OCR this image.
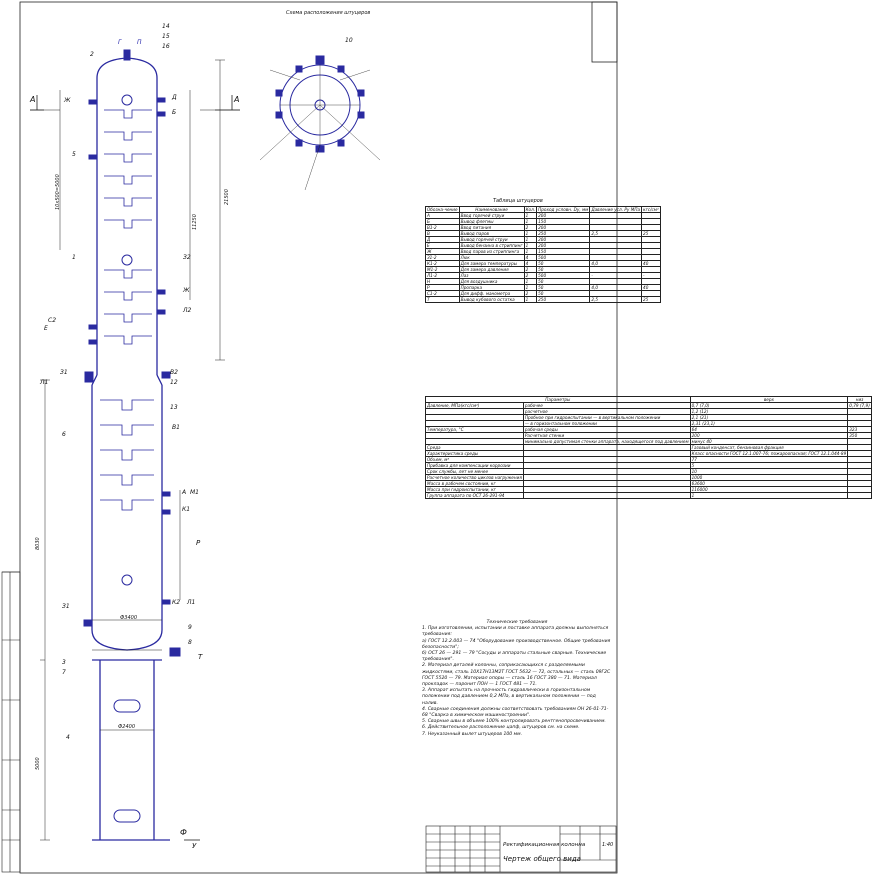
Схема расположения штуцеров
Г	П
А	А
Ж	Д
Б
З2
Ж
Л2
С2
Е
Л1
З1	В2
В1
А М1
К1
Р
З1
К2 Л1
Т
Ф
У
2
14
15
16
5
1
12
13
6
9
8
3
7
4
10
21500
11250
10x500=5000
8030
5000
Ф3400
Ф2400
Таблица штуцеров
Обозна-чение	Наименование	Кол.	Проход условн. Dу, мм	Давление усл. Ру МПа	кгс/см²
А	Ввод горячей струи	1	200		
Б	Вывод флегмы	1	150		
В1-2	Ввод питания	2	200		
В	Вывод паров	1	250	2,5	25
Д	Вывод горячей струи	1	200		
Е	Вывод бензина в стриппинг	1	200		
Ж	Ввод паров из стриппинга	1	150		
З1-2	Люк	4	500		
К1-2	Для замера температуры	4	50	4,0	40
М1-2	Для замера давления	2	50		
Л1-2	Лаз	2	500	-	-
Н	Для воздушника	1	50		
Р	Пропарка	1	50	4,0	40
С1-2	Для дифф. манометра	2	50		
Т	Вывод кубового остатка	1	250	2,5	25
Параметры		верх	низ
Давление, МПа(кгс/см²)	рабочее	0,7 (7,0)	0,79 (7,9)
	расчетное	1,2 (12)	
	Пробное при гидроиспытании — в вертикальном положении	2,1 (21)	
	— в горизонтальном положении	2,31 (23,1)	
Температура, °С	рабочая среды	64	323
	Расчетная стенки	200	350
	минимально допустимая стенки аппарата, находящегося под давлением	минус 40	
Среда		Газовый конденсат, бензиновая фракция	
Характеристика среды		Класс опасности ГОСТ 12.1.007-76; пожароопасная; ГОСТ 12.1.044-89	
Объем, м³		77	
Прибавка для компенсации коррозии		5	
Срок службы, лет не менее		10	
Расчетное количество циклов нагружения		1000	
Масса в рабочем состоянии, кг		63600	
Масса при гидроиспытании, кг		116000	
Группа аппарата по ОСТ 26-291-94		1	
Технические требования
1. При изготовлении, испытании и поставке аппарата должны выполняться требования:
а) ГОСТ 12.2.003 — 74 "Оборудование производственное. Общие требования безопасности";
б) ОСТ 26 — 291 — 79 "Сосуды и аппараты стальные сварные. Технические требования".
2. Материал деталей колонны, соприкасающихся с разделяемыми жидкостями, сталь 10Х17Н13М2Т ГОСТ 5632 — 72, остальных — сталь 09Г2С ГОСТ 5520 — 79. Материал опоры — сталь 16 ГОСТ 380 — 71. Материал прокладок — паронит ПОН — 1 ГОСТ 481 — 71.
3. Аппарат испытать на прочность гидравлически в горизонтальном положении под давлением 0,2 МПа, в вертикальном положении — под налив.
4. Сварные соединения должны соответствовать требованиям ОН 26-01-71-68 "Сварка в химическом машиностроении".
5. Сварные швы в объеме 100% контролировать рентгенопросвечиванием.
6. Действительное расположение цапф, штуцеров см. на схеме.
7. Неуказанный вылет штуцеров 100 мм.
Ректификационная колонна
Чертеж общего вида
1:40
